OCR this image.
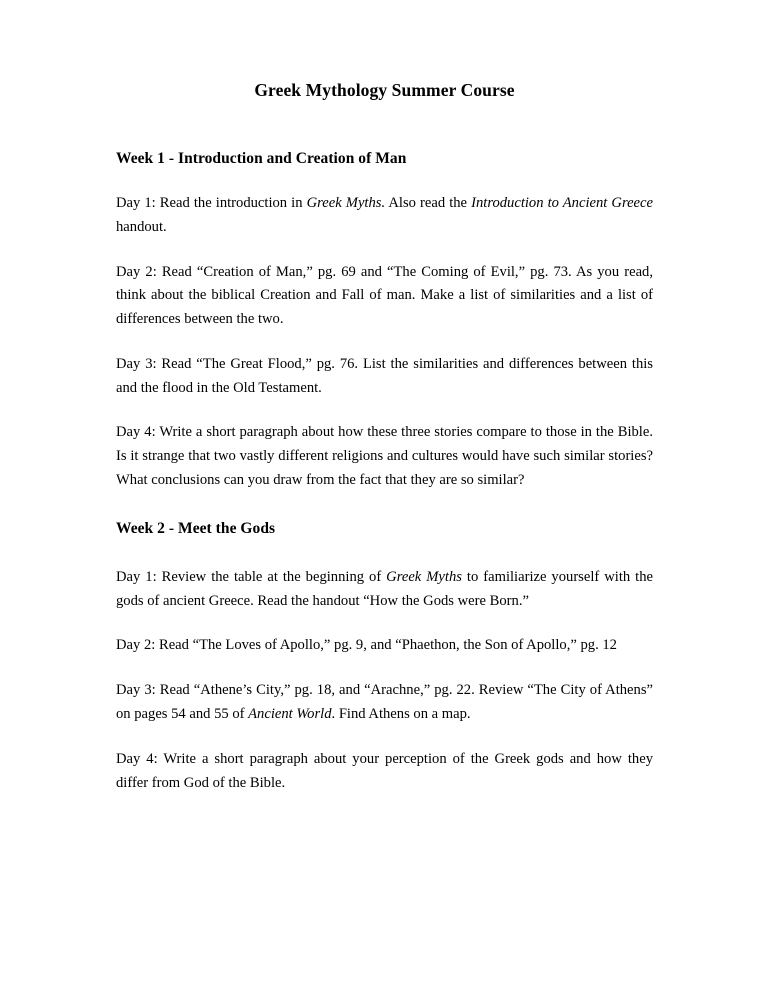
Greek Mythology Summer Course
Week 1 - Introduction and Creation of Man

Day 1: Read the introduction in Greek Myths. Also read the Introduction to Ancient Greece handout.

Day 2: Read “Creation of Man,” pg. 69 and “The Coming of Evil,” pg. 73. As you read, think about the biblical Creation and Fall of man. Make a list of similarities and a list of differences between the two.

Day 3: Read “The Great Flood,” pg. 76. List the similarities and differences between this and the flood in the Old Testament.

Day 4: Write a short paragraph about how these three stories compare to those in the Bible. Is it strange that two vastly different religions and cultures would have such similar stories? What conclusions can you draw from the fact that they are so similar?

Week 2 - Meet the Gods

Day 1: Review the table at the beginning of Greek Myths to familiarize yourself with the gods of ancient Greece. Read the handout “How the Gods were Born.”

Day 2: Read “The Loves of Apollo,” pg. 9, and “Phaethon, the Son of Apollo,” pg. 12

Day 3: Read “Athene’s City,” pg. 18, and “Arachne,” pg. 22. Review “The City of Athens” on pages 54 and 55 of Ancient World. Find Athens on a map.

Day 4: Write a short paragraph about your perception of the Greek gods and how they differ from God of the Bible.
